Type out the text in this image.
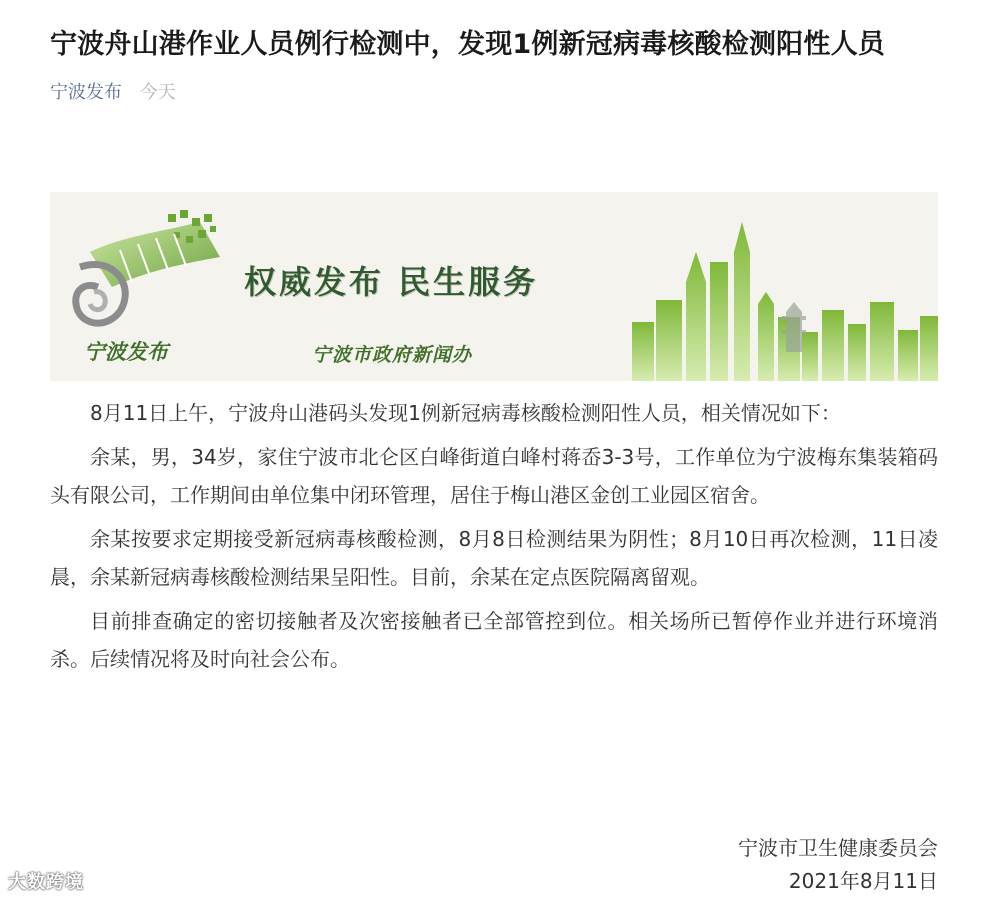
宁波舟山港作业人员例行检测中，发现1例新冠病毒核酸检测阳性人员
宁波发布 今天
权威发布 民生服务
宁波发布	宁波市政府新闻办

8月11日上午，宁波舟山港码头发现1例新冠病毒核酸检测阳性人员，相关情况如下：

余某，男，34岁，家住宁波市北仑区白峰街道白峰村蒋岙3-3号，工作单位为宁波梅东集装箱码头有限公司，工作期间由单位集中闭环管理，居住于梅山港区金创工业园区宿舍。

余某按要求定期接受新冠病毒核酸检测，8月8日检测结果为阴性；8月10日再次检测，11日凌晨，余某新冠病毒核酸检测结果呈阳性。目前，余某在定点医院隔离留观。

目前排查确定的密切接触者及次密接触者已全部管控到位。相关场所已暂停作业并进行环境消杀。后续情况将及时向社会公布。

宁波市卫生健康委员会
2021年8月11日
大数跨境
